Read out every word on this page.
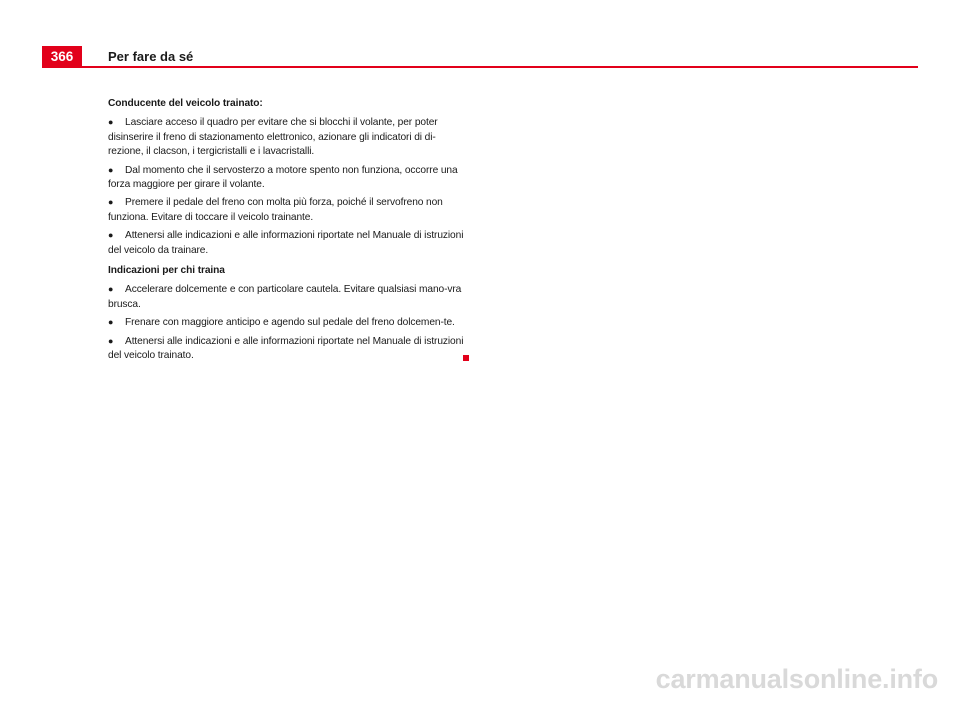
366	Per fare da sé

Conducente del veicolo trainato:

● Lasciare acceso il quadro per evitare che si blocchi il volante, per poter disinserire il freno di stazionamento elettronico, azionare gli indicatori di di-rezione, il clacson, i tergicristalli e i lavacristalli.

● Dal momento che il servosterzo a motore spento non funziona, occorre una forza maggiore per girare il volante.

● Premere il pedale del freno con molta più forza, poiché il servofreno non funziona. Evitare di toccare il veicolo trainante.

● Attenersi alle indicazioni e alle informazioni riportate nel Manuale di istruzioni del veicolo da trainare.

Indicazioni per chi traina

● Accelerare dolcemente e con particolare cautela. Evitare qualsiasi mano-vra brusca.

● Frenare con maggiore anticipo e agendo sul pedale del freno dolcemen-te.

● Attenersi alle indicazioni e alle informazioni riportate nel Manuale di istruzioni del veicolo trainato.

carmanualsonline.info
